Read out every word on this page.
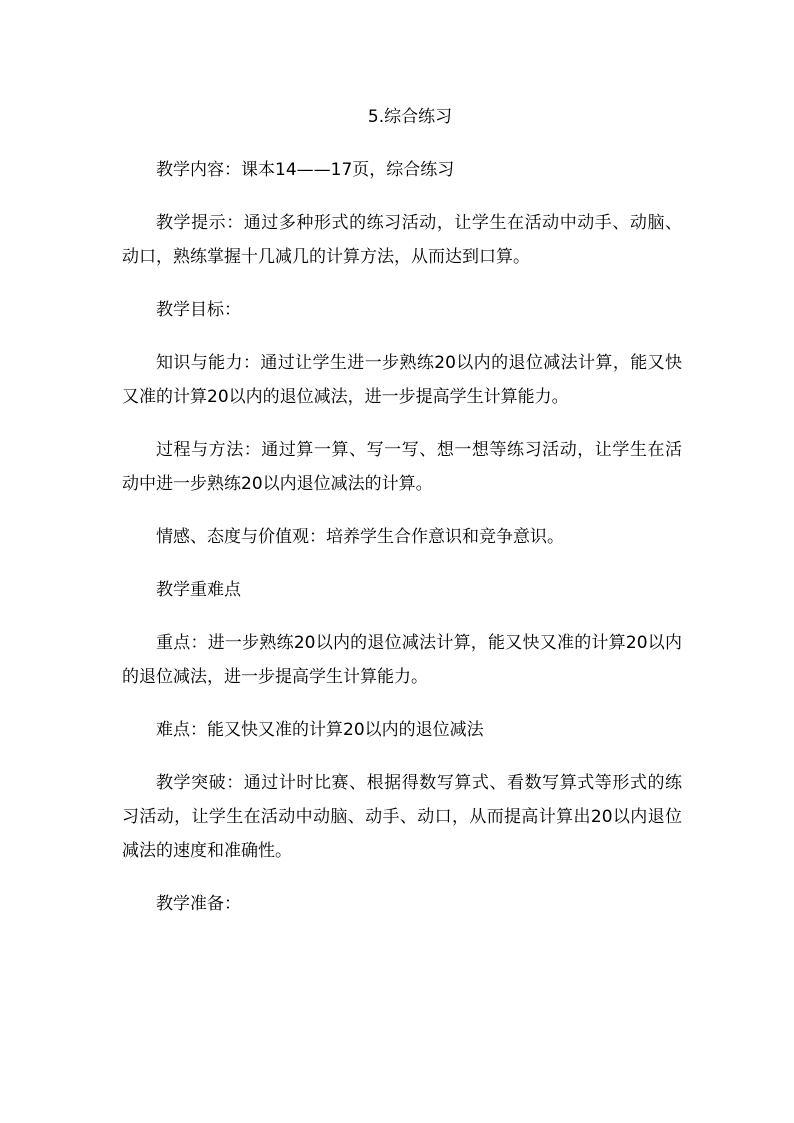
5.综合练习

教学内容：课本14——17页，综合练习

教学提示：通过多种形式的练习活动，让学生在活动中动手、动脑、动口，熟练掌握十几减几的计算方法，从而达到口算。

教学目标：

知识与能力：通过让学生进一步熟练20以内的退位减法计算，能又快又准的计算20以内的退位减法，进一步提高学生计算能力。

过程与方法：通过算一算、写一写、想一想等练习活动，让学生在活动中进一步熟练20以内退位减法的计算。

情感、态度与价值观：培养学生合作意识和竞争意识。

教学重难点

重点：进一步熟练20以内的退位减法计算，能又快又准的计算20以内的退位减法，进一步提高学生计算能力。

难点：能又快又准的计算20以内的退位减法

教学突破：通过计时比赛、根据得数写算式、看数写算式等形式的练习活动，让学生在活动中动脑、动手、动口，从而提高计算出20以内退位减法的速度和准确性。

教学准备：
